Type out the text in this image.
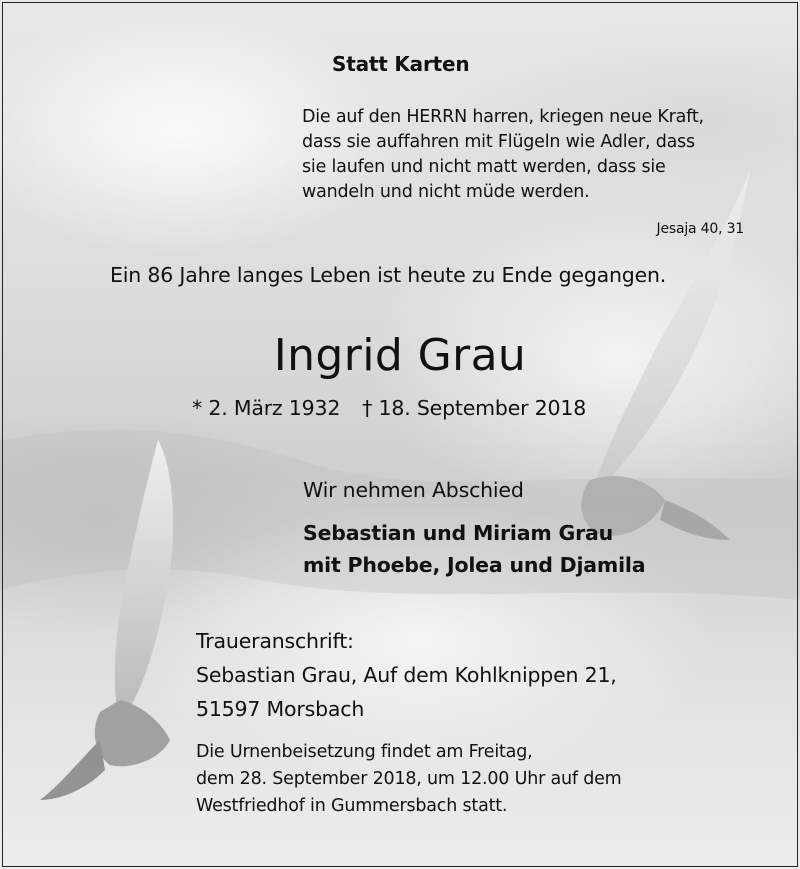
Statt Karten
Die auf den HERRN harren, kriegen neue Kraft,
dass sie auffahren mit Flügeln wie Adler, dass
sie laufen und nicht matt werden, dass sie
wandeln und nicht müde werden.
Jesaja 40, 31
Ein 86 Jahre langes Leben ist heute zu Ende gegangen.
Ingrid Grau
* 2. März 1932 † 18. September 2018
Wir nehmen Abschied
Sebastian und Miriam Grau
mit Phoebe, Jolea und Djamila
Traueranschrift:
Sebastian Grau, Auf dem Kohlknippen 21,
51597 Morsbach
Die Urnenbeisetzung findet am Freitag,
dem 28. September 2018, um 12.00 Uhr auf dem
Westfriedhof in Gummersbach statt.
